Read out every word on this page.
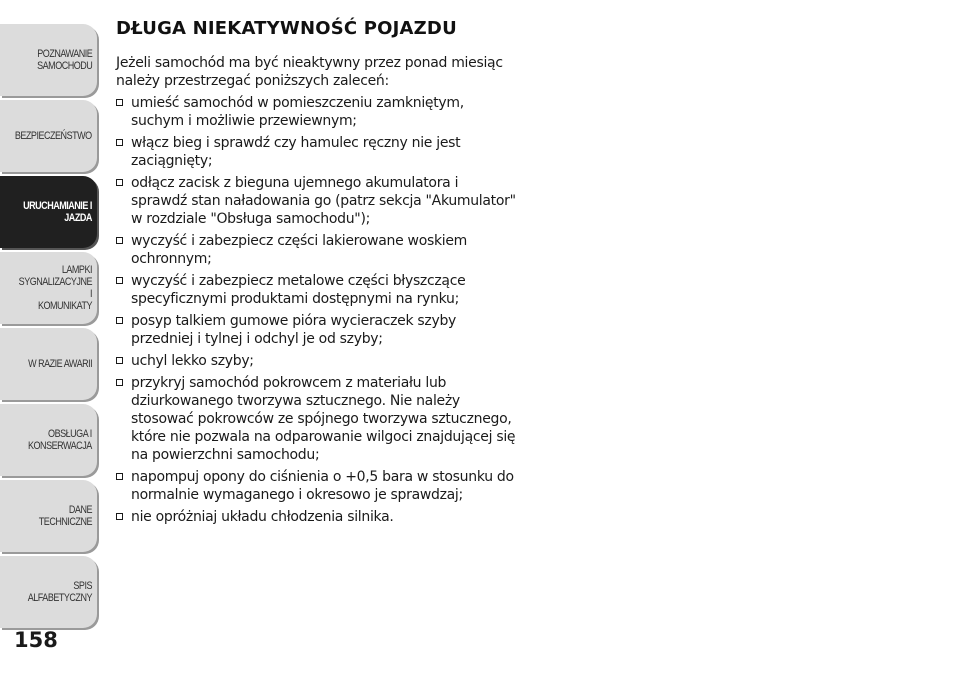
POZNAWANIE
SAMOCHODU
BEZPIECZEŃSTWO
URUCHAMIANIE I
JAZDA
LAMPKI
SYGNALIZACYJNE I
KOMUNIKATY
W RAZIE AWARII
OBSŁUGA I
KONSERWACJA
DANE TECHNICZNE
SPIS ALFABETYCZNY
158
DŁUGA NIEKATYWNOŚĆ POJAZDU

Jeżeli samochód ma być nieaktywny przez ponad miesiąc należy przestrzegać poniższych zaleceń:

umieść samochód w pomieszczeniu zamkniętym, suchym i możliwie przewiewnym;
włącz bieg i sprawdź czy hamulec ręczny nie jest zaciągnięty;
odłącz zacisk z bieguna ujemnego akumulatora i sprawdź stan naładowania go (patrz sekcja "Akumulator" w rozdziale "Obsługa samochodu");
wyczyść i zabezpiecz części lakierowane woskiem ochronnym;
wyczyść i zabezpiecz metalowe części błyszczące specyficznymi produktami dostępnymi na rynku;
posyp talkiem gumowe pióra wycieraczek szyby przedniej i tylnej i odchyl je od szyby;
uchyl lekko szyby;
przykryj samochód pokrowcem z materiału lub dziurkowanego tworzywa sztucznego. Nie należy stosować pokrowców ze spójnego tworzywa sztucznego, które nie pozwala na odparowanie wilgoci znajdującej się na powierzchni samochodu;
napompuj opony do ciśnienia o +0,5 bara w stosunku do normalnie wymaganego i okresowo je sprawdzaj;
nie opróżniaj układu chłodzenia silnika.
